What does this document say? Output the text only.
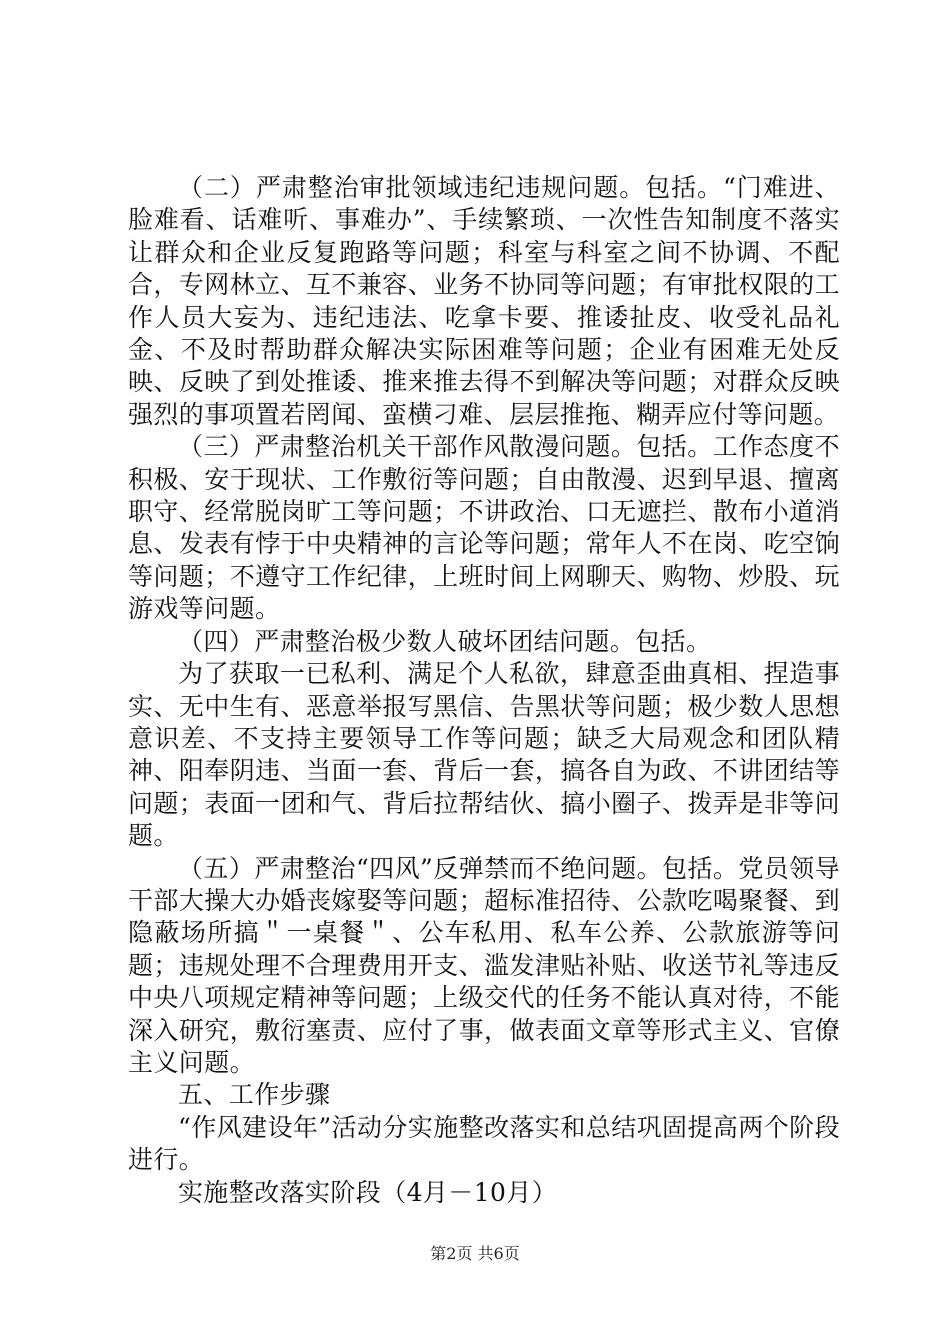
（二）严肃整治审批领域违纪违规问题。包括。“门难进、脸难看、话难听、事难办”、手续繁琐、一次性告知制度不落实让群众和企业反复跑路等问题；科室与科室之间不协调、不配合，专网林立、互不兼容、业务不协同等问题；有审批权限的工作人员大妄为、违纪违法、吃拿卡要、推诿扯皮、收受礼品礼金、不及时帮助群众解决实际困难等问题；企业有困难无处反映、反映了到处推诿、推来推去得不到解决等问题；对群众反映强烈的事项置若罔闻、蛮横刁难、层层推拖、糊弄应付等问题。

（三）严肃整治机关干部作风散漫问题。包括。工作态度不积极、安于现状、工作敷衍等问题；自由散漫、迟到早退、擅离职守、经常脱岗旷工等问题；不讲政治、口无遮拦、散布小道消息、发表有悖于中央精神的言论等问题；常年人不在岗、吃空饷等问题；不遵守工作纪律，上班时间上网聊天、购物、炒股、玩游戏等问题。

（四）严肃整治极少数人破坏团结问题。包括。

为了获取一已私利、满足个人私欲，肆意歪曲真相、捏造事实、无中生有、恶意举报写黑信、告黑状等问题；极少数人思想意识差、不支持主要领导工作等问题；缺乏大局观念和团队精神、阳奉阴违、当面一套、背后一套，搞各自为政、不讲团结等问题；表面一团和气、背后拉帮结伙、搞小圈子、拨弄是非等问题。

（五）严肃整治“四风”反弹禁而不绝问题。包括。党员领导干部大操大办婚丧嫁娶等问题；超标准招待、公款吃喝聚餐、到隐蔽场所搞＂一桌餐＂、公车私用、私车公养、公款旅游等问题；违规处理不合理费用开支、滥发津贴补贴、收送节礼等违反中央八项规定精神等问题；上级交代的任务不能认真对待，不能深入研究，敷衍塞责、应付了事，做表面文章等形式主义、官僚主义问题。

五、工作步骤

“作风建设年”活动分实施整改落实和总结巩固提高两个阶段进行。

实施整改落实阶段（4月－10月）

第2页 共6页
